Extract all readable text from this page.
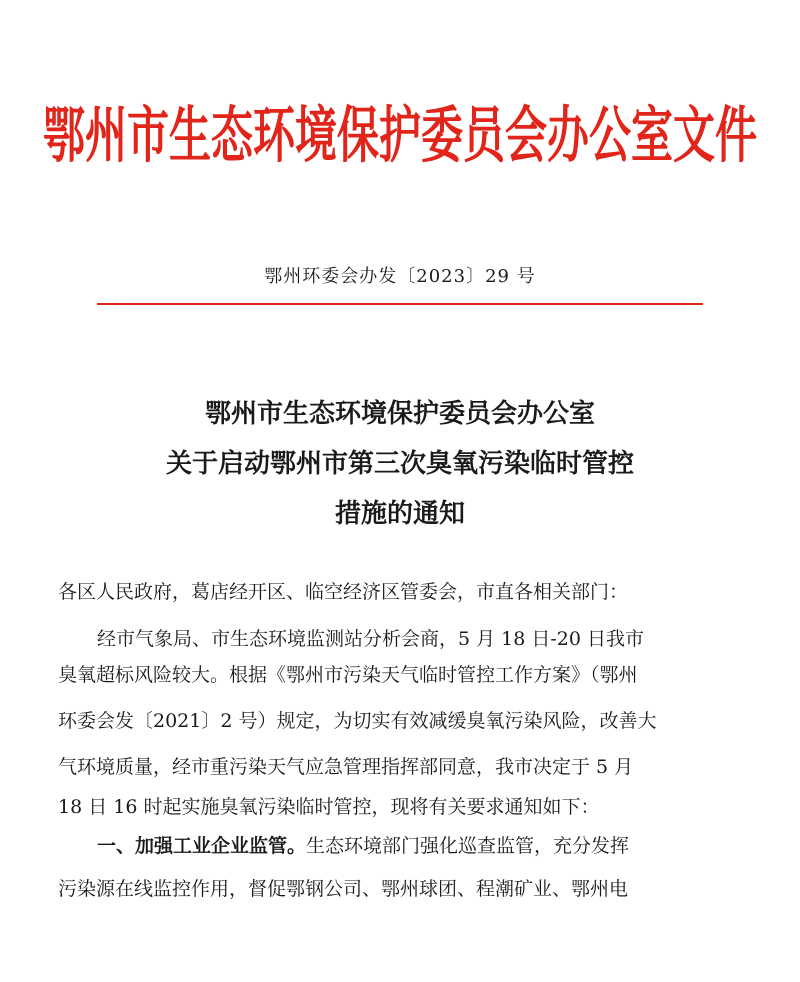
鄂州市生态环境保护委员会办公室文件
鄂州环委会办发〔2023〕29 号
鄂州市生态环境保护委员会办公室
关于启动鄂州市第三次臭氧污染临时管控
措施的通知
各区人民政府，葛店经开区、临空经济区管委会，市直各相关部门：
经市气象局、市生态环境监测站分析会商，5 月 18 日-20 日我市
臭氧超标风险较大。根据《鄂州市污染天气临时管控工作方案》（鄂州
环委会发〔2021〕2 号）规定，为切实有效减缓臭氧污染风险，改善大
气环境质量，经市重污染天气应急管理指挥部同意，我市决定于 5 月
18 日 16 时起实施臭氧污染临时管控，现将有关要求通知如下：
一、加强工业企业监管。生态环境部门强化巡查监管，充分发挥
污染源在线监控作用，督促鄂钢公司、鄂州球团、程潮矿业、鄂州电
